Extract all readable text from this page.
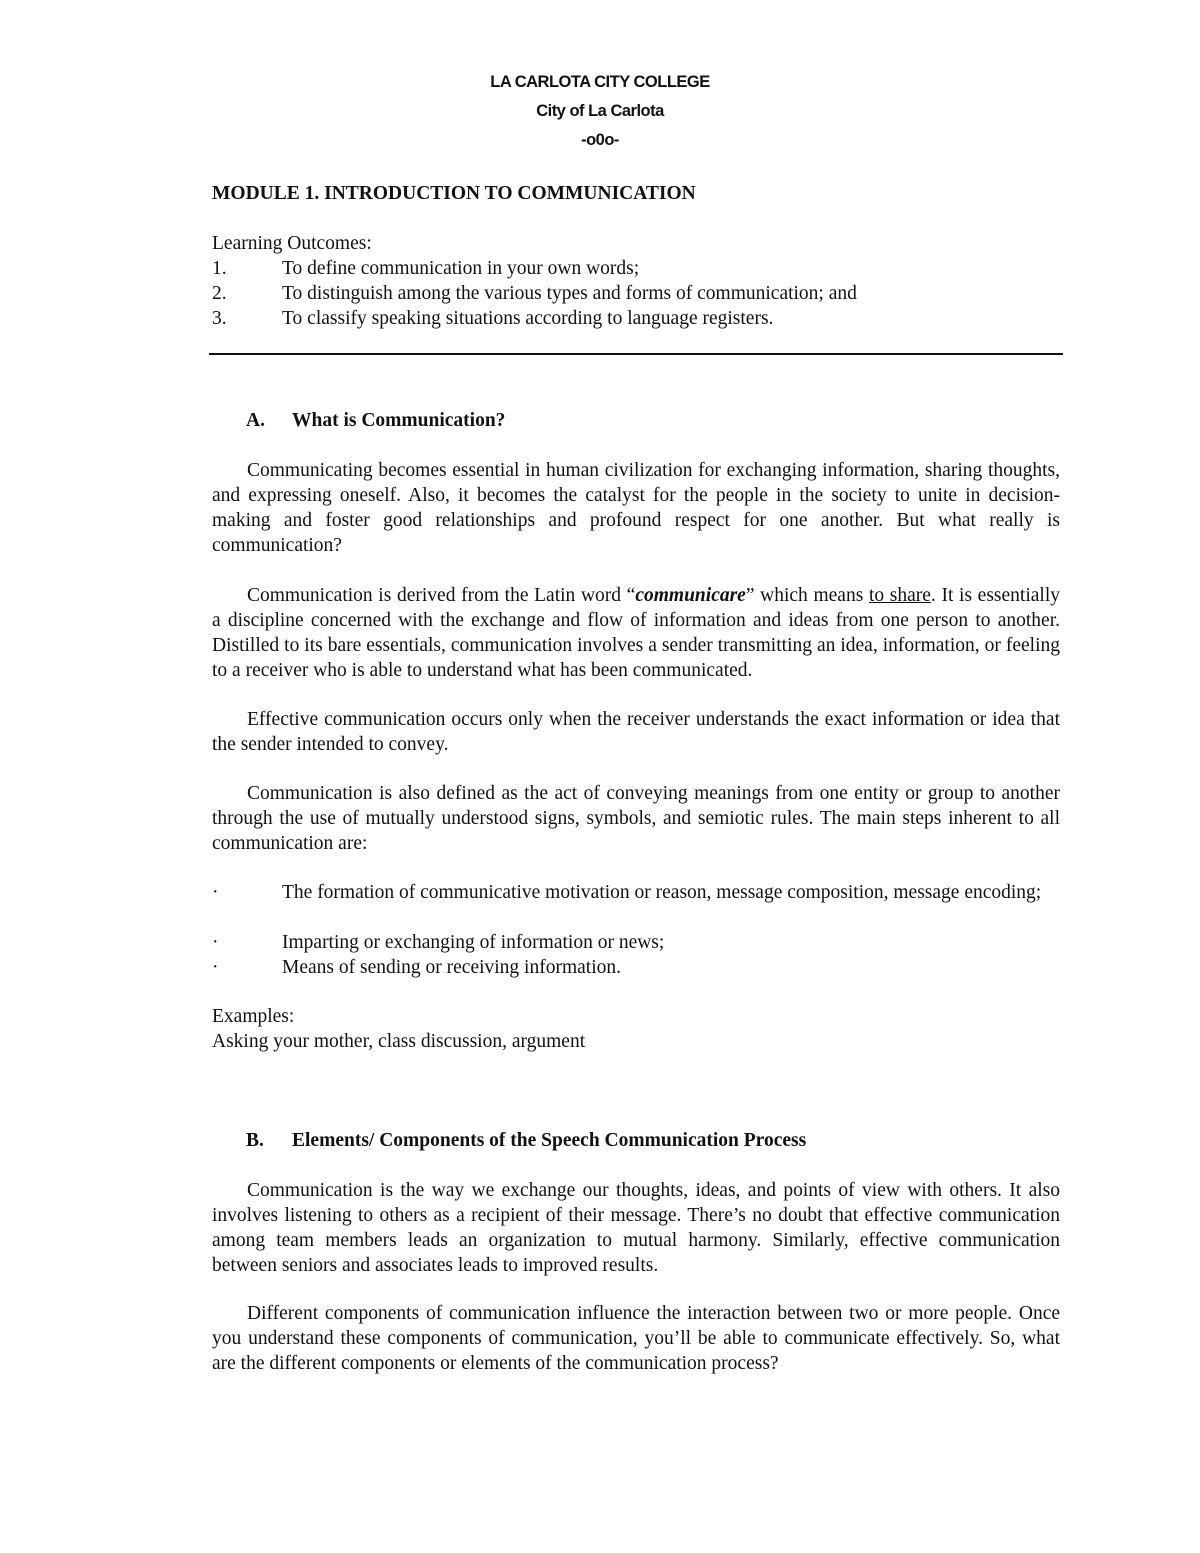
LA CARLOTA CITY COLLEGE
City of La Carlota
-o0o-
MODULE 1. INTRODUCTION TO COMMUNICATION
Learning Outcomes:
1.	To define communication in your own words;
2.	To distinguish among the various types and forms of communication; and
3.	To classify speaking situations according to language registers.
A. What is Communication?
Communicating becomes essential in human civilization for exchanging information, sharing thoughts, and expressing oneself. Also, it becomes the catalyst for the people in the society to unite in decision-making and foster good relationships and profound respect for one another. But what really is communication?
Communication is derived from the Latin word “communicare” which means to share. It is essentially a discipline concerned with the exchange and flow of information and ideas from one person to another. Distilled to its bare essentials, communication involves a sender transmitting an idea, information, or feeling to a receiver who is able to understand what has been communicated.
Effective communication occurs only when the receiver understands the exact information or idea that the sender intended to convey.
Communication is also defined as the act of conveying meanings from one entity or group to another through the use of mutually understood signs, symbols, and semiotic rules. The main steps inherent to all communication are:
·	The formation of communicative motivation or reason, message composition, message encoding;
·	Imparting or exchanging of information or news;
·	Means of sending or receiving information.
Examples:
Asking your mother, class discussion, argument
B. Elements/ Components of the Speech Communication Process
Communication is the way we exchange our thoughts, ideas, and points of view with others. It also involves listening to others as a recipient of their message. There’s no doubt that effective communication among team members leads an organization to mutual harmony. Similarly, effective communication between seniors and associates leads to improved results.
Different components of communication influence the interaction between two or more people. Once you understand these components of communication, you’ll be able to communicate effectively. So, what are the different components or elements of the communication process?
